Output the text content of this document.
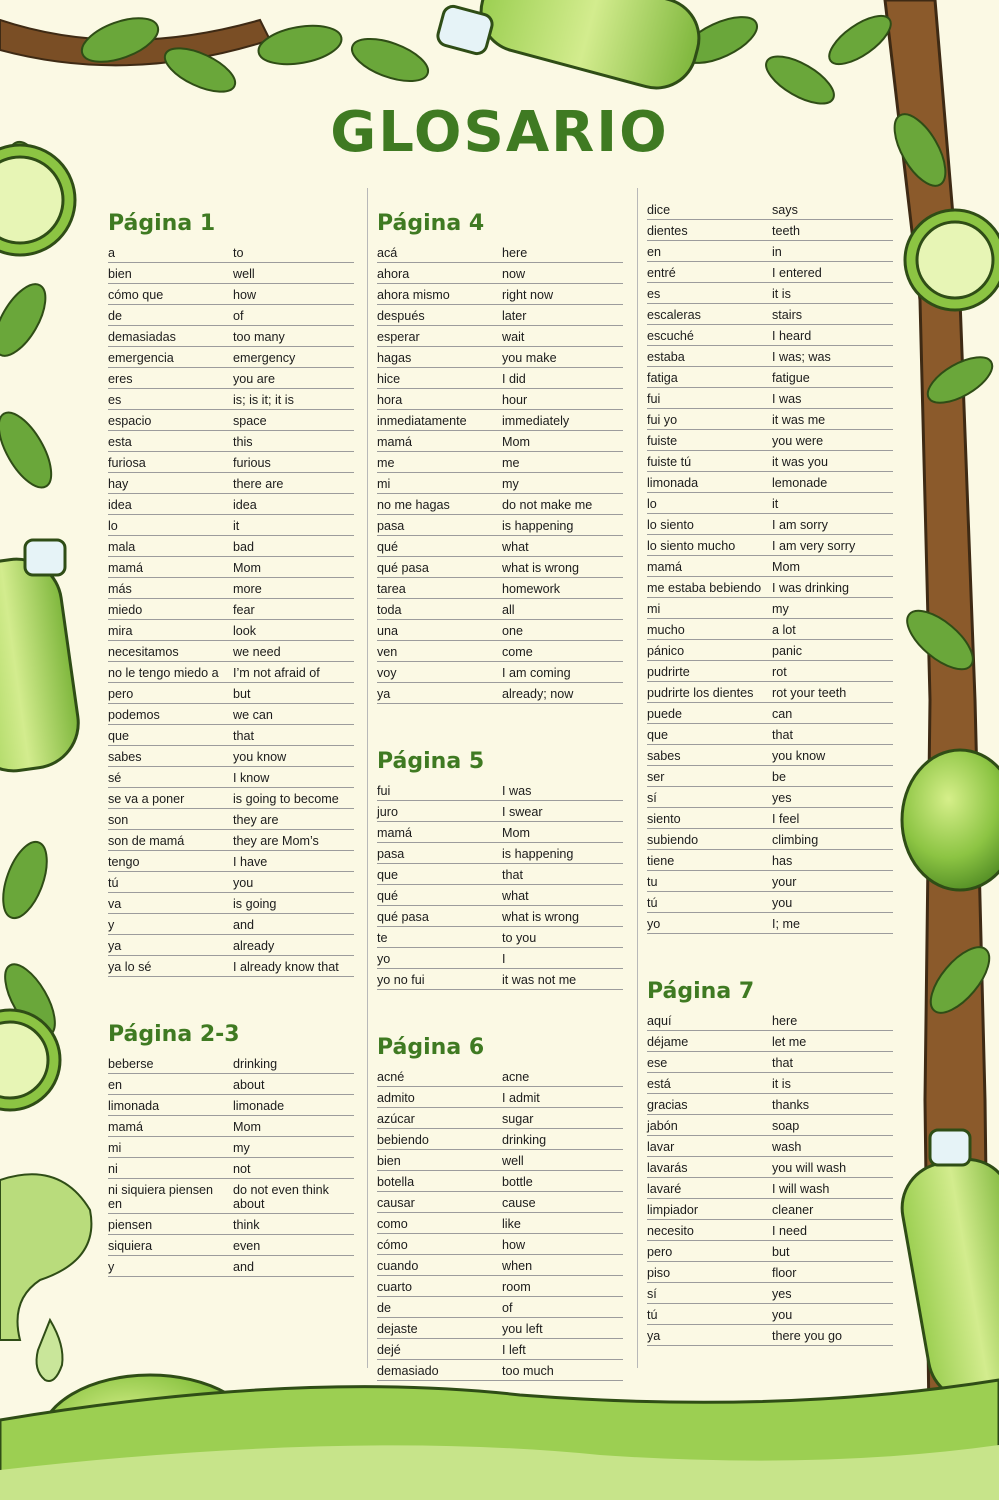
GLOSARIO
Página 1
a	to
bien	well
cómo que	how
de	of
demasiadas	too many
emergencia	emergency
eres	you are
es	is; is it; it is
espacio	space
esta	this
furiosa	furious
hay	there are
idea	idea
lo	it
mala	bad
mamá	Mom
más	more
miedo	fear
mira	look
necesitamos	we need
no le tengo miedo a	I’m not afraid of
pero	but
podemos	we can
que	that
sabes	you know
sé	I know
se va a poner	is going to become
son	they are
son de mamá	they are Mom’s
tengo	I have
tú	you
va	is going
y	and
ya	already
ya lo sé	I already know that
Página 2-3
beberse	drinking
en	about
limonada	limonade
mamá	Mom
mi	my
ni	not
ni siquiera piensen en
do not even think about
piensen	think
siquiera	even
y	and
Página 4
acá	here
ahora	now
ahora mismo	right now
después	later
esperar	wait
hagas	you make
hice	I did
hora	hour
inmediatamente	immediately
mamá	Mom
me	me
mi	my
no me hagas	do not make me
pasa	is happening
qué	what
qué pasa	what is wrong
tarea	homework
toda	all
una	one
ven	come
voy	I am coming
ya	already; now
Página 5
fui	I was
juro	I swear
mamá	Mom
pasa	is happening
que	that
qué	what
qué pasa	what is wrong
te	to you
yo	I
yo no fui	it was not me
Página 6
acné	acne
admito	I admit
azúcar	sugar
bebiendo	drinking
bien	well
botella	bottle
causar	cause
como	like
cómo	how
cuando	when
cuarto	room
de	of
dejaste	you left
dejé	I left
demasiado	too much
dice	says
dientes	teeth
en	in
entré	I entered
es	it is
escaleras	stairs
escuché	I heard
estaba	I was; was
fatiga	fatigue
fui	I was
fui yo	it was me
fuiste	you were
fuiste tú	it was you
limonada	lemonade
lo	it
lo siento	I am sorry
lo siento mucho	I am very sorry
mamá	Mom
me estaba bebiendo I was drinking
mi	my
mucho	a lot
pánico	panic
pudrirte	rot
pudrirte los dientes	rot your teeth
puede	can
que	that
sabes	you know
ser	be
sí	yes
siento	I feel
subiendo	climbing
tiene	has
tu	your
tú	you
yo	I; me
Página 7
aquí	here
déjame	let me
ese	that
está	it is
gracias	thanks
jabón	soap
lavar	wash
lavarás	you will wash
lavaré	I will wash
limpiador	cleaner
necesito	I need
pero	but
piso	floor
sí	yes
tú	you
ya	there you go
